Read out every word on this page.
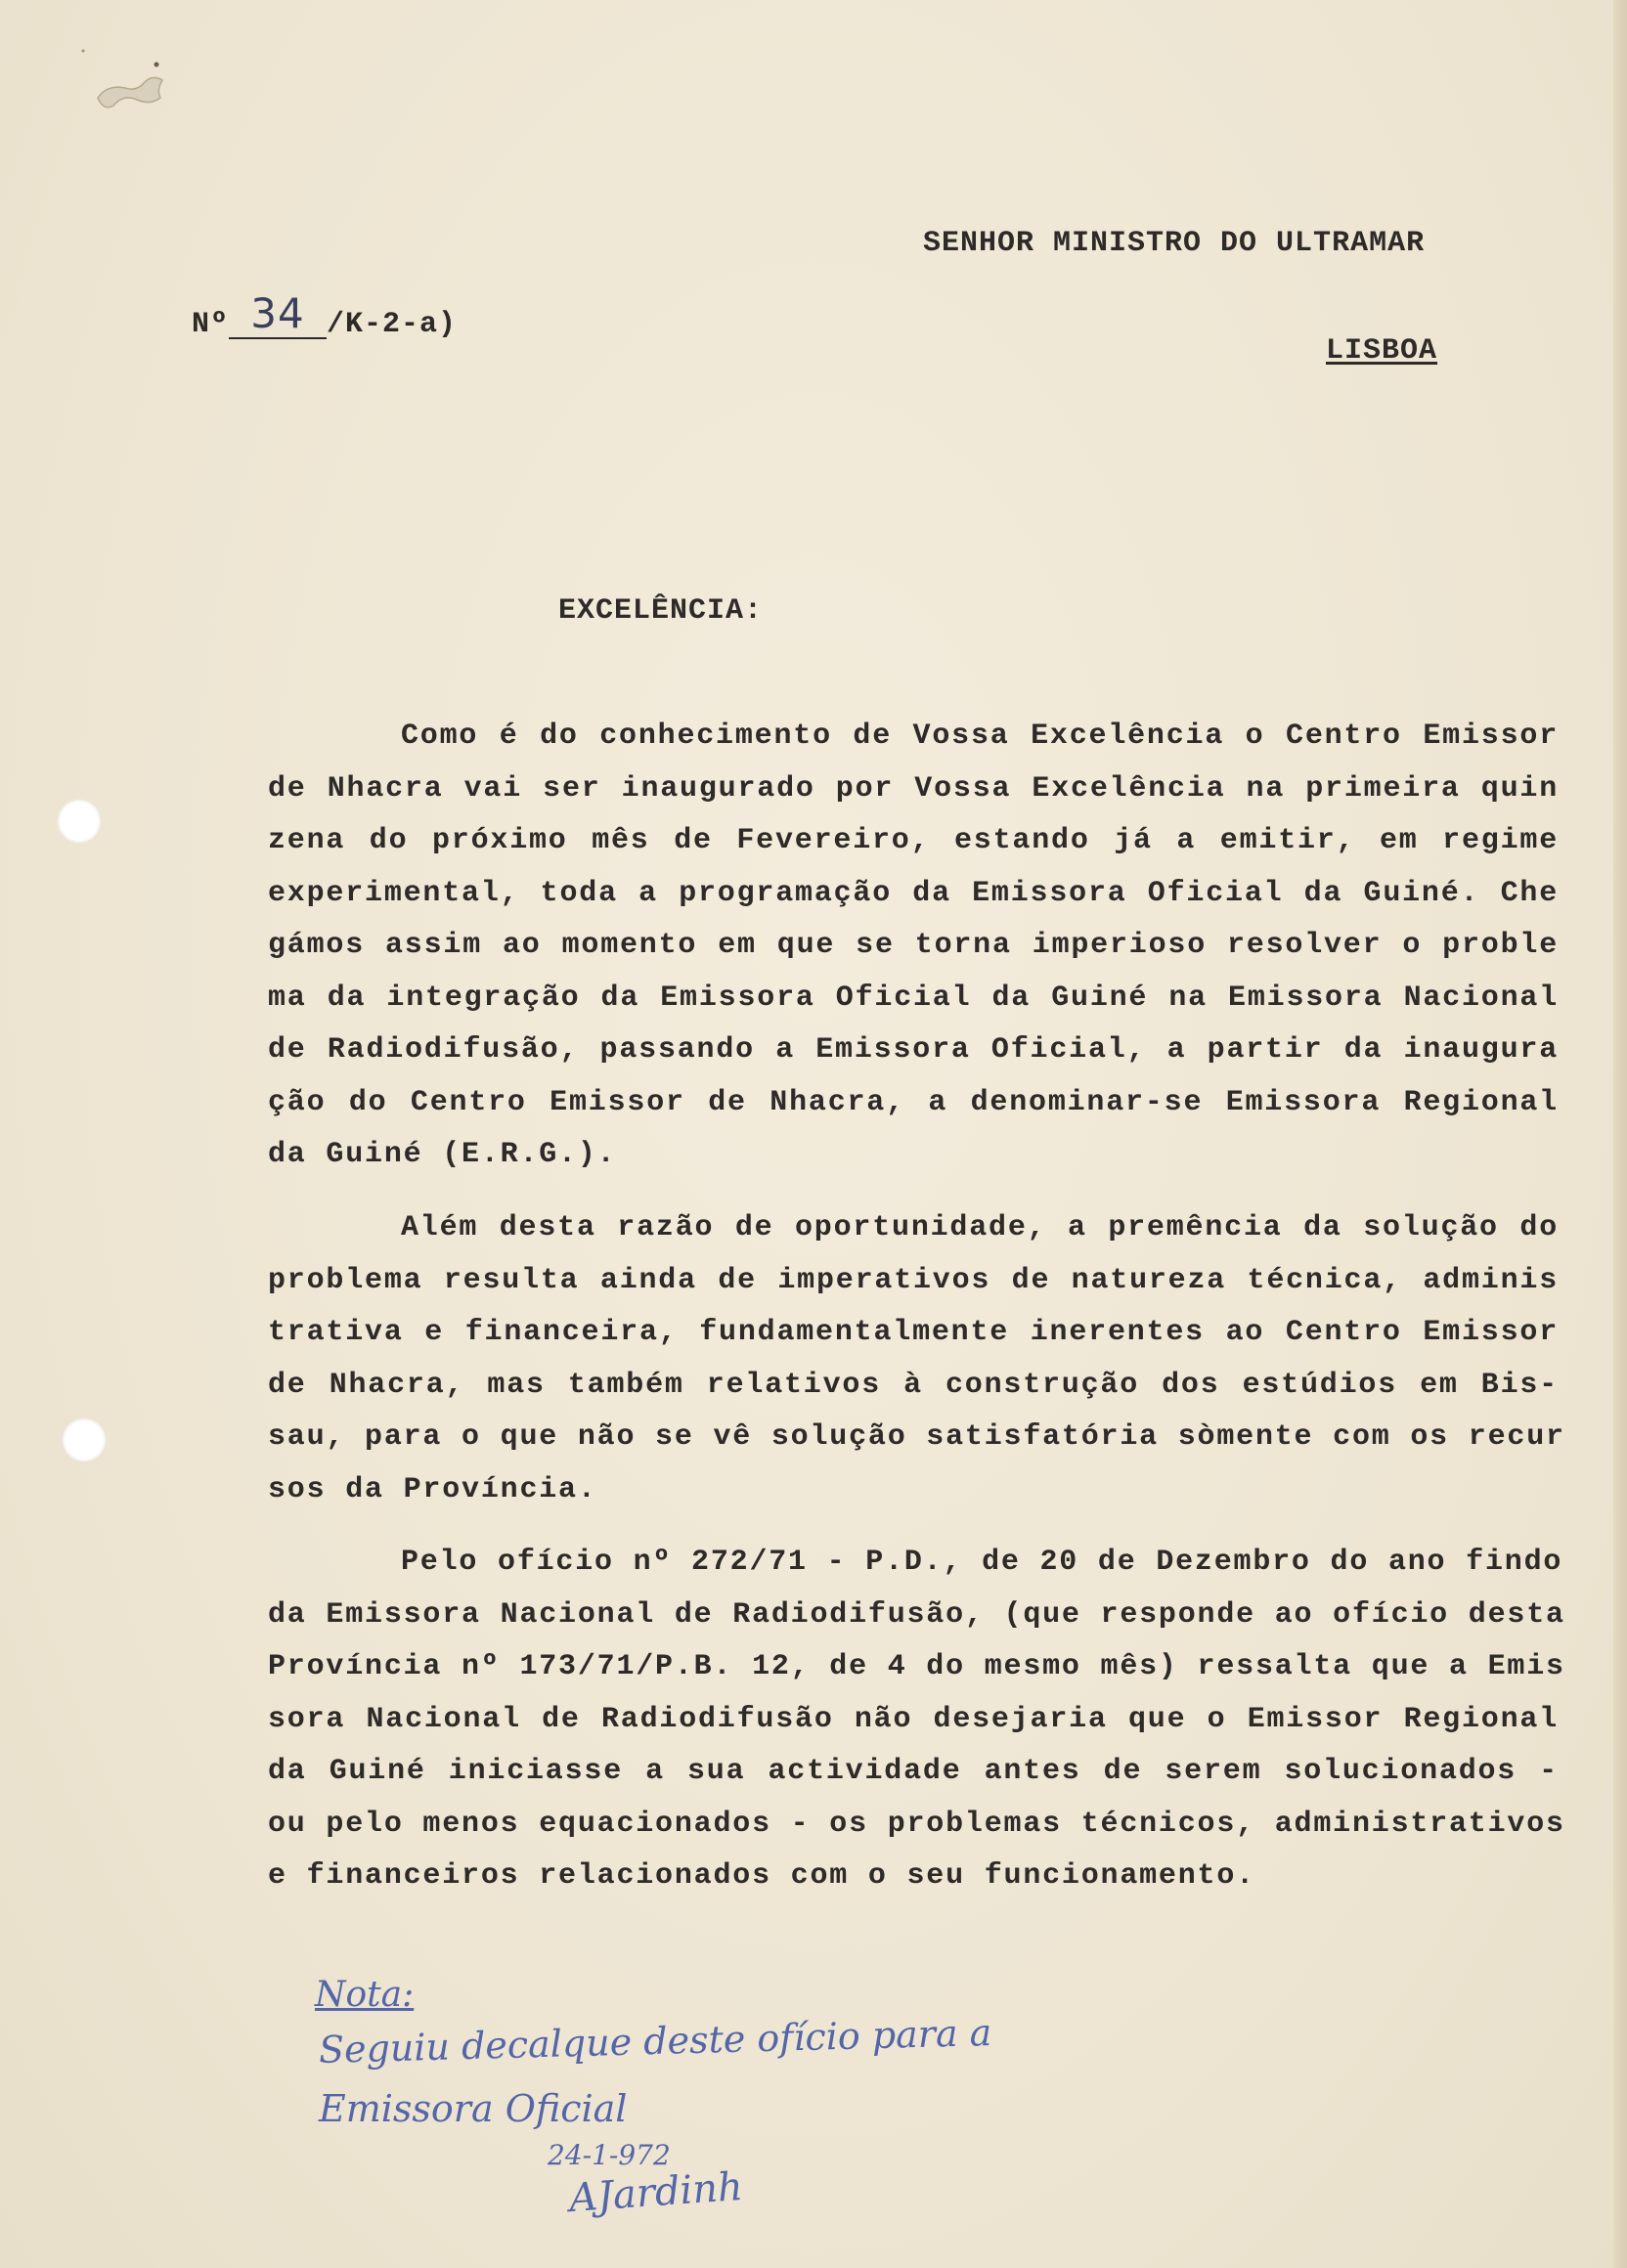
SENHOR MINISTRO DO ULTRAMAR
Nº 34 /K-2-a)
LISBOA
EXCELÊNCIA:
Como é do conhecimento de Vossa Excelência o Centro Emissor
de Nhacra vai ser inaugurado por Vossa Excelência na primeira quin
zena do próximo mês de Fevereiro, estando já a emitir, em regime
experimental, toda a programação da Emissora Oficial da Guiné. Che
gámos assim ao momento em que se torna imperioso resolver o proble
ma da integração da Emissora Oficial da Guiné na Emissora Nacional
de Radiodifusão, passando a Emissora Oficial, a partir da inaugura
ção do Centro Emissor de Nhacra, a denominar-se Emissora Regional
da Guiné (E.R.G.).
Além desta razão de oportunidade, a premência da solução do
problema resulta ainda de imperativos de natureza técnica, adminis
trativa e financeira, fundamentalmente inerentes ao Centro Emissor
de Nhacra, mas também relativos à construção dos estúdios em Bis-
sau, para o que não se vê solução satisfatória sòmente com os recur
sos da Província.
Pelo ofício nº 272/71 - P.D., de 20 de Dezembro do ano findo
da Emissora Nacional de Radiodifusão, (que responde ao ofício desta
Província nº 173/71/P.B. 12, de 4 do mesmo mês) ressalta que a Emis
sora Nacional de Radiodifusão não desejaria que o Emissor Regional
da Guiné iniciasse a sua actividade antes de serem solucionados -
ou pelo menos equacionados - os problemas técnicos, administrativos
e financeiros relacionados com o seu funcionamento.
Nota:
Seguiu decalque deste ofício para a
Emissora Oficial
24-1-972
AJardinh
